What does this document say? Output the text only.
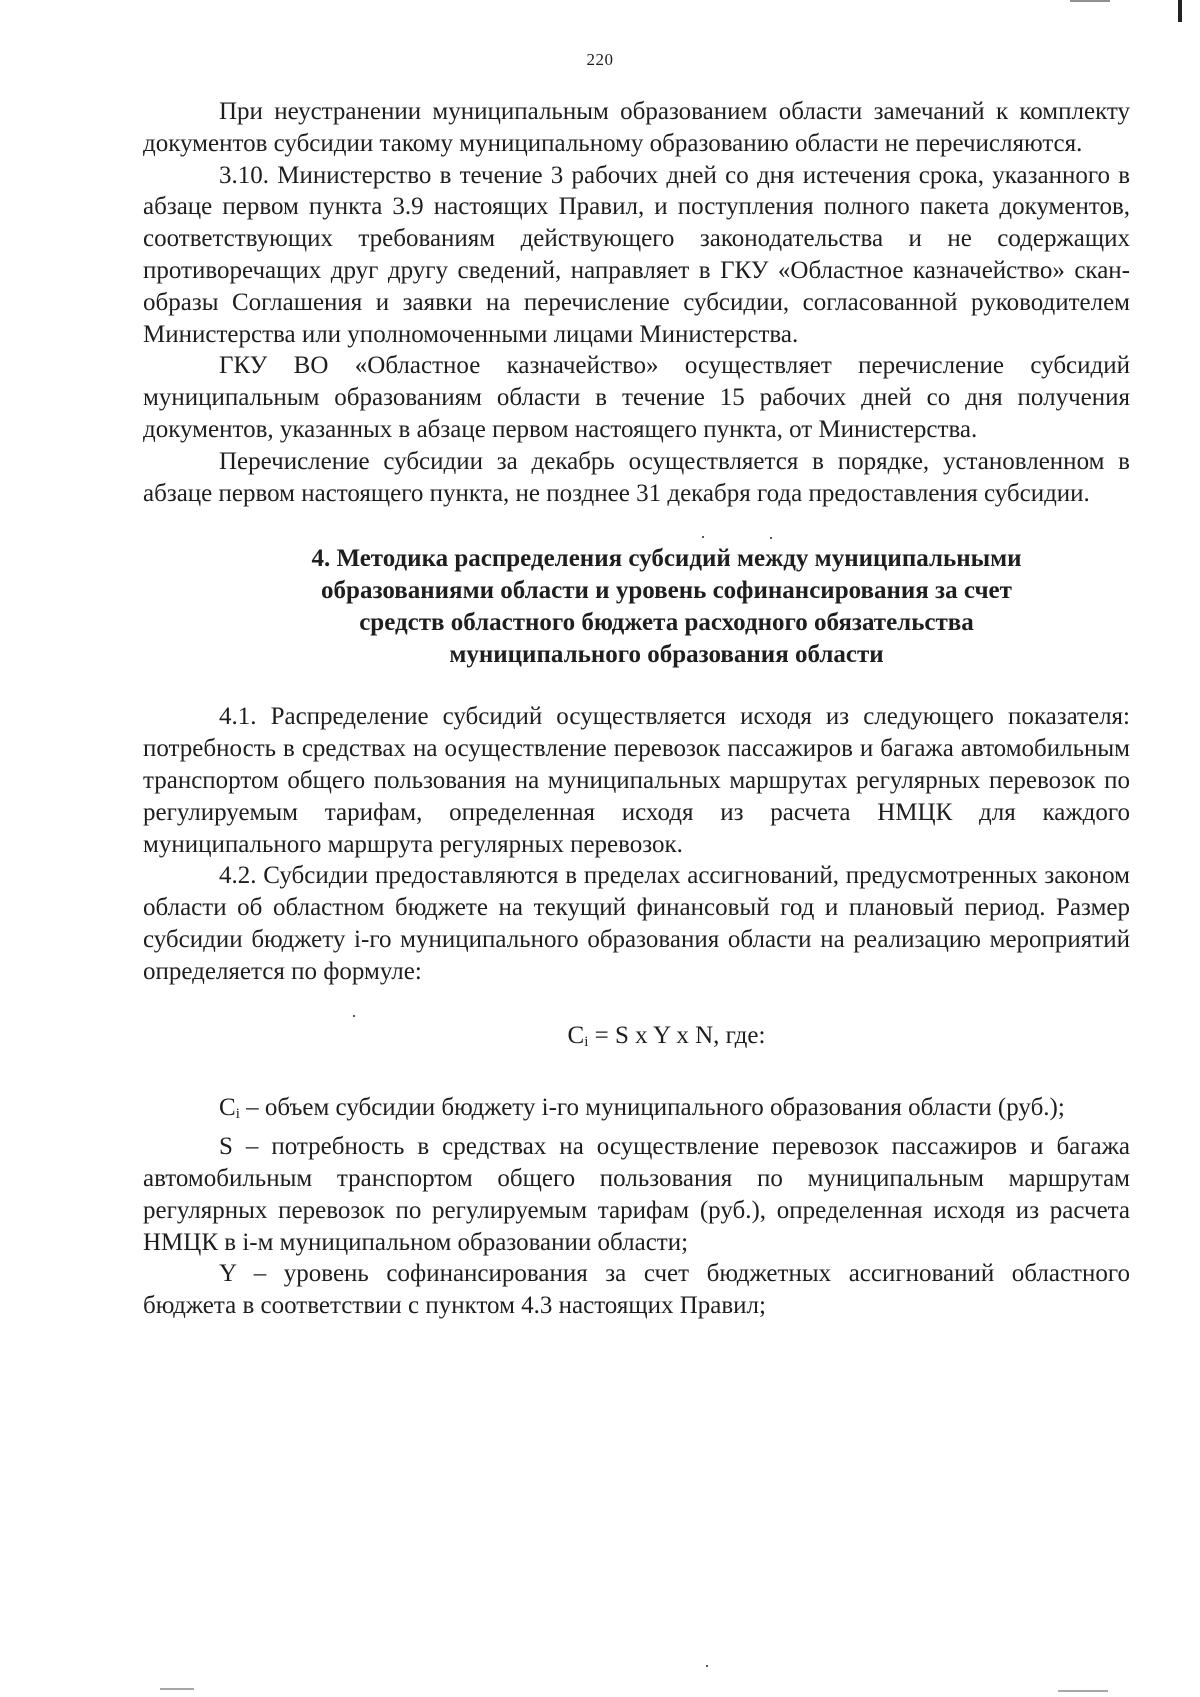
220

При неустранении муниципальным образованием области замечаний к комплекту документов субсидии такому муниципальному образованию области не перечисляются.

3.10. Министерство в течение 3 рабочих дней со дня истечения срока, указанного в абзаце первом пункта 3.9 настоящих Правил, и поступления полного пакета документов, соответствующих требованиям действующего законодательства и не содержащих противоречащих друг другу сведений, направляет в ГКУ «Областное казначейство» скан-образы Соглашения и заявки на перечисление субсидии, согласованной руководителем Министерства или уполномоченными лицами Министерства.

ГКУ ВО «Областное казначейство» осуществляет перечисление субсидий муниципальным образованиям области в течение 15 рабочих дней со дня получения документов, указанных в абзаце первом настоящего пункта, от Министерства.

Перечисление субсидии за декабрь осуществляется в порядке, установленном в абзаце первом настоящего пункта, не позднее 31 декабря года предоставления субсидии.

4. Методика распределения субсидий между муниципальными
образованиями области и уровень софинансирования за счет
средств областного бюджета расходного обязательства
муниципального образования области

4.1. Распределение субсидий осуществляется исходя из следующего показателя: потребность в средствах на осуществление перевозок пассажиров и багажа автомобильным транспортом общего пользования на муниципальных маршрутах регулярных перевозок по регулируемым тарифам, определенная исходя из расчета НМЦК для каждого муниципального маршрута регулярных перевозок.

4.2. Субсидии предоставляются в пределах ассигнований, предусмотренных законом области об областном бюджете на текущий финансовый год и плановый период. Размер субсидии бюджету i-го муниципального образования области на реализацию мероприятий определяется по формуле:

$C_i = S$ x Y x N, где:

Ci – объем субсидии бюджету i-го муниципального образования области (руб.);

S – потребность в средствах на осуществление перевозок пассажиров и багажа автомобильным транспортом общего пользования по муниципальным маршрутам регулярных перевозок по регулируемым тарифам (руб.), определенная исходя из расчета НМЦК в i-м муниципальном образовании области;

Y – уровень софинансирования за счет бюджетных ассигнований областного бюджета в соответствии с пунктом 4.3 настоящих Правил;
